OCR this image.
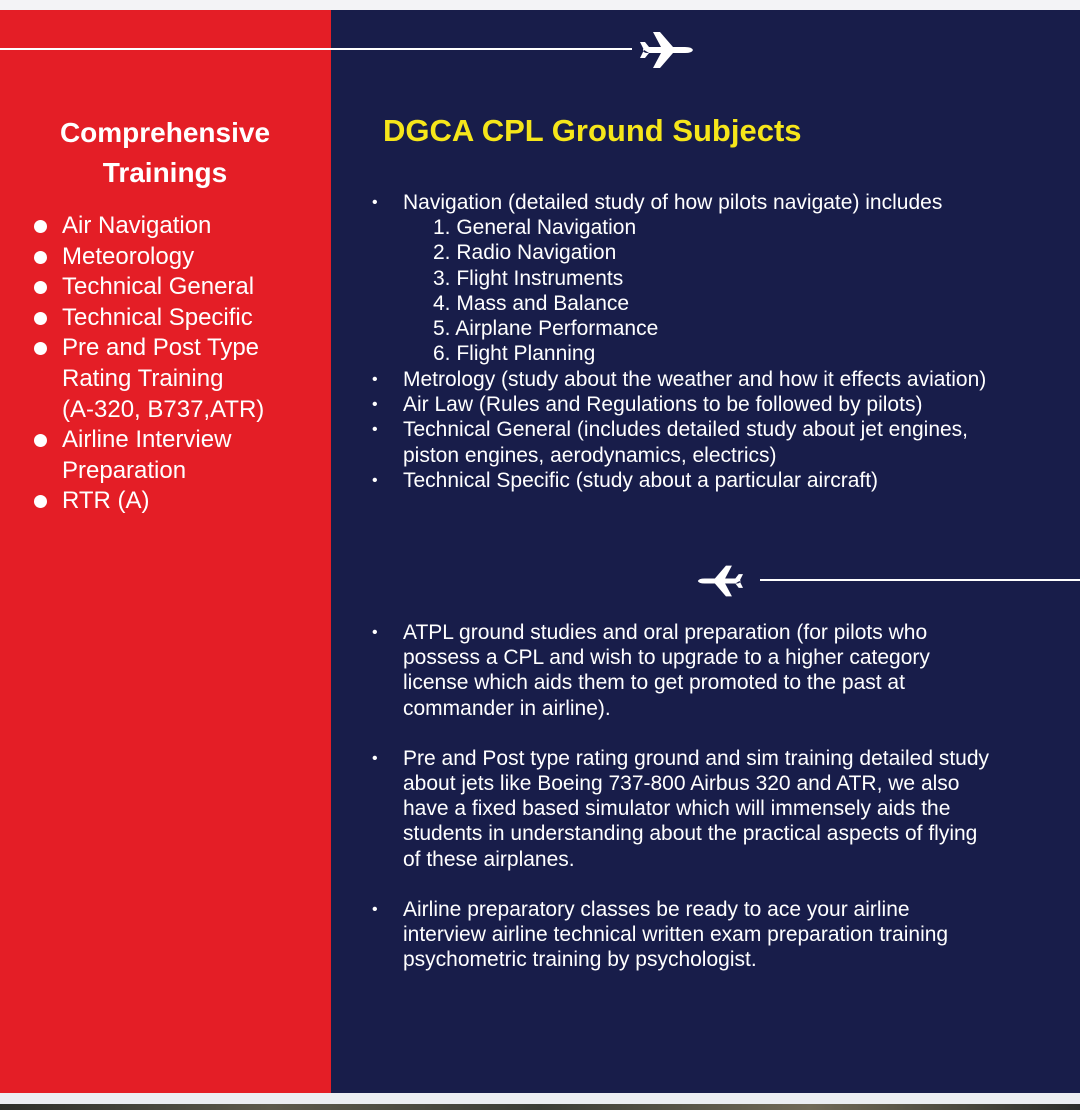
Comprehensive
Trainings
Air Navigation
Meteorology
Technical General
Technical Specific
Pre and Post Type
Rating Training
(A-320, B737,ATR)
Airline Interview
Preparation
RTR (A)
DGCA CPL Ground Subjects
• Navigation (detailed study of how pilots navigate) includes
1. General Navigation
2. Radio Navigation
3. Flight Instruments
4. Mass and Balance
5. Airplane Performance
6. Flight Planning
• Metrology (study about the weather and how it effects aviation)
• Air Law (Rules and Regulations to be followed by pilots)
• Technical General (includes detailed study about jet engines,
piston engines, aerodynamics, electrics)
• Technical Specific (study about a particular aircraft)
• ATPL ground studies and oral preparation (for pilots who
possess a CPL and wish to upgrade to a higher category
license which aids them to get promoted to the past at
commander in airline).
• Pre and Post type rating ground and sim training detailed study
about jets like Boeing 737-800 Airbus 320 and ATR, we also
have a fixed based simulator which will immensely aids the
students in understanding about the practical aspects of flying
of these airplanes.
• Airline preparatory classes be ready to ace your airline
interview airline technical written exam preparation training
psychometric training by psychologist.
